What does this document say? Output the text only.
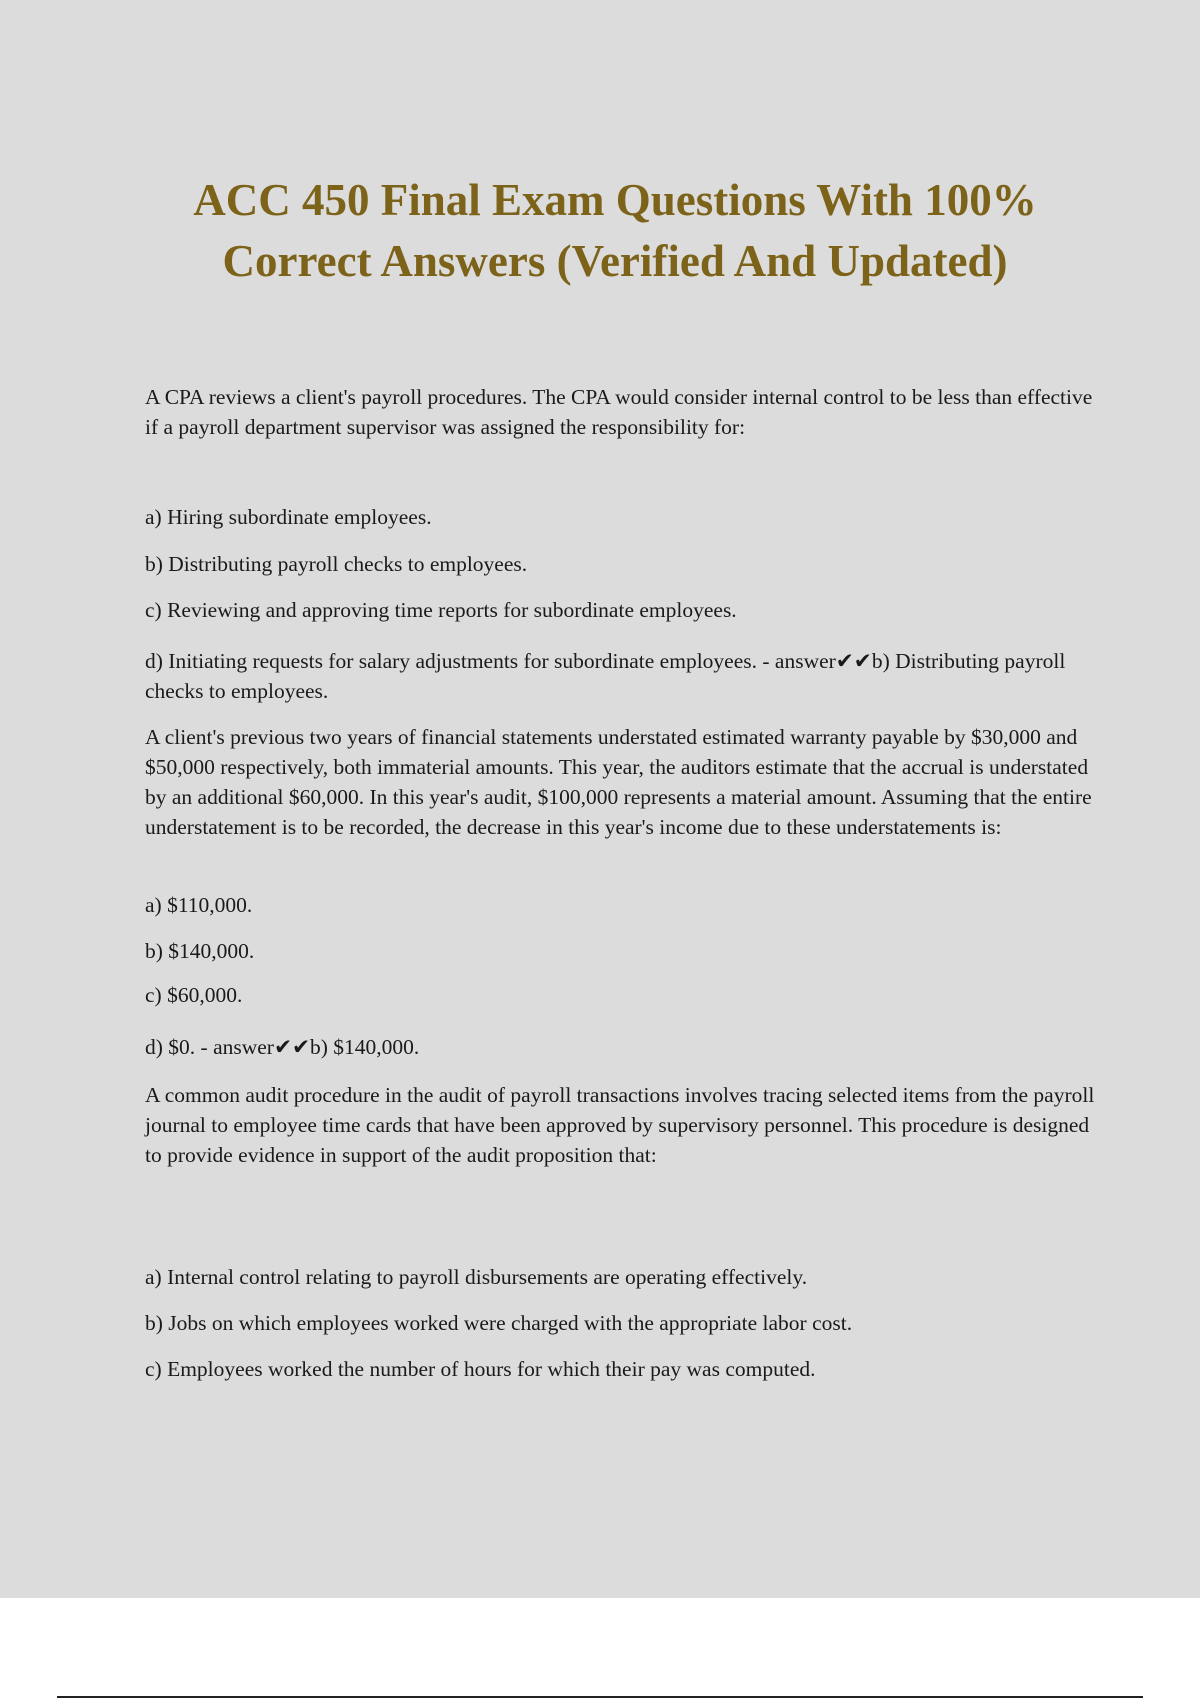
ACC 450 Final Exam Questions With 100% Correct Answers (Verified And Updated)

A CPA reviews a client's payroll procedures. The CPA would consider internal control to be less than effective if a payroll department supervisor was assigned the responsibility for:

a) Hiring subordinate employees.

b) Distributing payroll checks to employees.

c) Reviewing and approving time reports for subordinate employees.

d) Initiating requests for salary adjustments for subordinate employees. - answer✔✔b) Distributing payroll checks to employees.

A client's previous two years of financial statements understated estimated warranty payable by $30,000 and $50,000 respectively, both immaterial amounts. This year, the auditors estimate that the accrual is understated by an additional $60,000. In this year's audit, $100,000 represents a material amount. Assuming that the entire understatement is to be recorded, the decrease in this year's income due to these understatements is:

a) $110,000.

b) $140,000.

c) $60,000.

d) $0. - answer✔✔b) $140,000.

A common audit procedure in the audit of payroll transactions involves tracing selected items from the payroll journal to employee time cards that have been approved by supervisory personnel. This procedure is designed to provide evidence in support of the audit proposition that:

a) Internal control relating to payroll disbursements are operating effectively.

b) Jobs on which employees worked were charged with the appropriate labor cost.

c) Employees worked the number of hours for which their pay was computed.
